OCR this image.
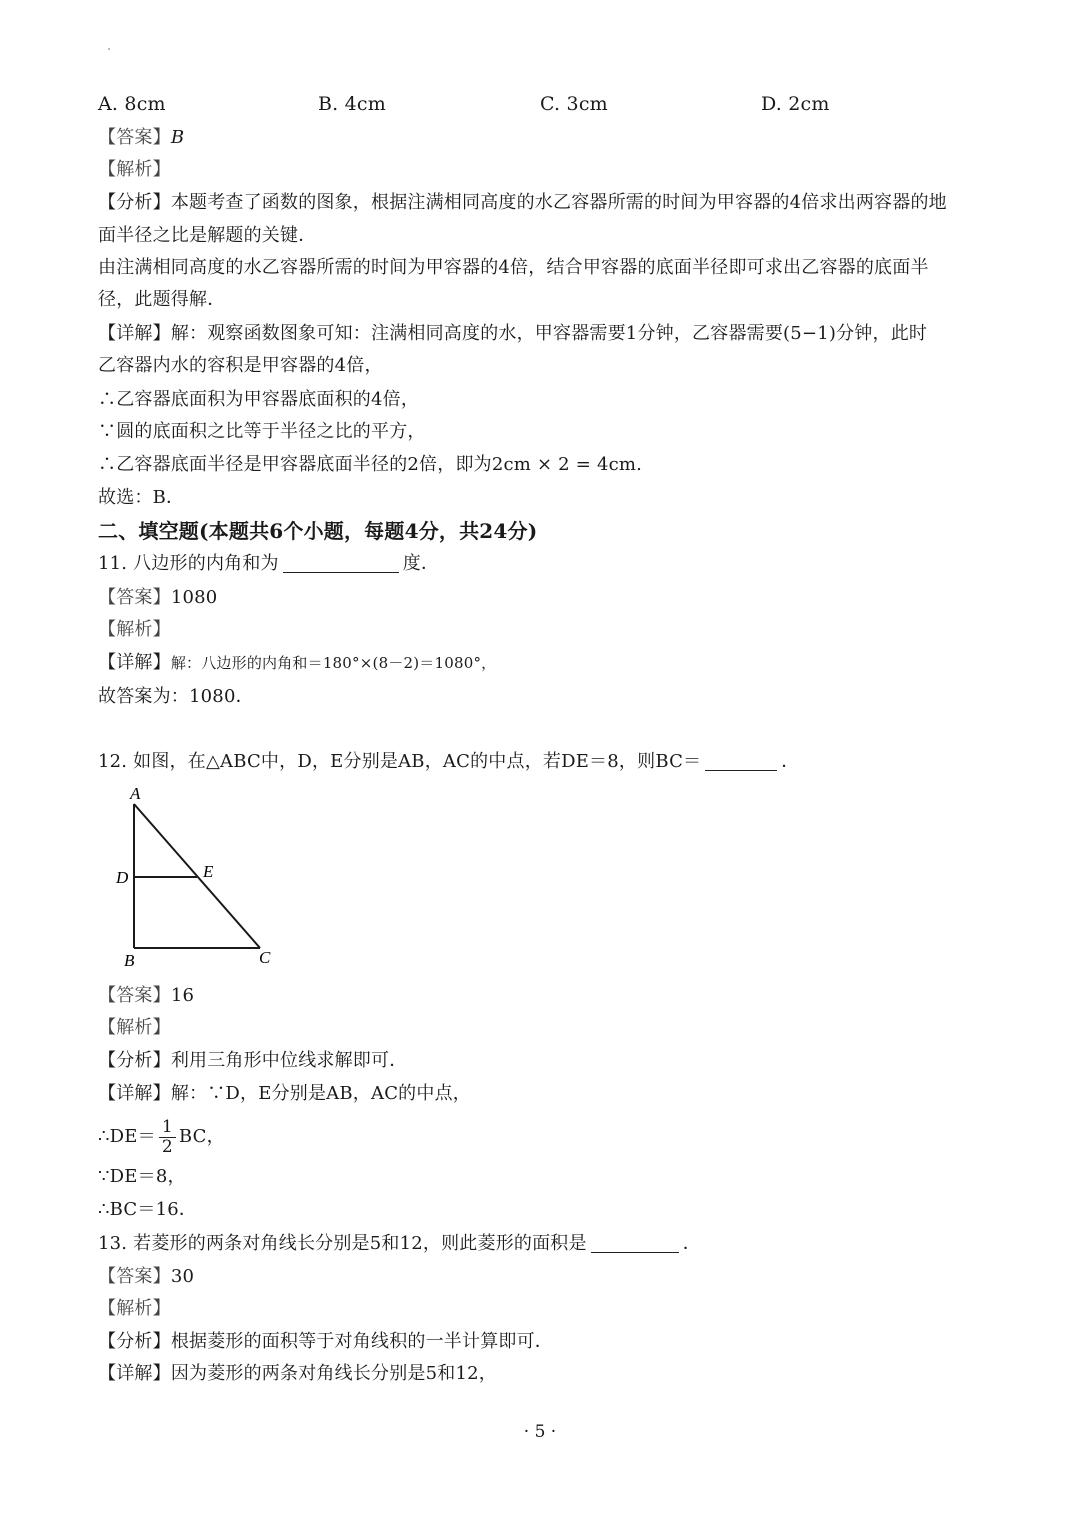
A. 8cm	B. 4cm	C. 3cm	D. 2cm
【答案】B
【解析】
【分析】本题考查了函数的图象，根据注满相同高度的水乙容器所需的时间为甲容器的4倍求出两容器的地
面半径之比是解题的关键．
由注满相同高度的水乙容器所需的时间为甲容器的4倍，结合甲容器的底面半径即可求出乙容器的底面半
径，此题得解．
【详解】解：观察函数图象可知：注满相同高度的水，甲容器需要1分钟，乙容器需要(5−1)分钟，此时
乙容器内水的容积是甲容器的4倍，
∴乙容器底面积为甲容器底面积的4倍，
∵圆的底面积之比等于半径之比的平方，
∴乙容器底面半径是甲容器底面半径的2倍，即为2cm × 2 = 4cm.
故选：B．
二、填空题(本题共6个小题，每题4分，共24分)
11. 八边形的内角和为	度．
【答案】1080
【解析】
【详解】解：八边形的内角和＝180°×(8－2)＝1080°，
故答案为：1080．
12. 如图，在△ABC中，D，E分别是AB，AC的中点，若DE＝8，则BC＝	．
A
D	E
B	C
【答案】16
【解析】
【分析】利用三角形中位线求解即可．
【详解】解：∵D，E分别是AB，AC的中点，
∴DE＝ $\frac{1}{2}$ BC，
∵DE＝8，
∴BC＝16．
13. 若菱形的两条对角线长分别是5和12，则此菱形的面积是	．
【答案】30
【解析】
【分析】根据菱形的面积等于对角线积的一半计算即可．
【详解】因为菱形的两条对角线长分别是5和12，
· 5 ·
